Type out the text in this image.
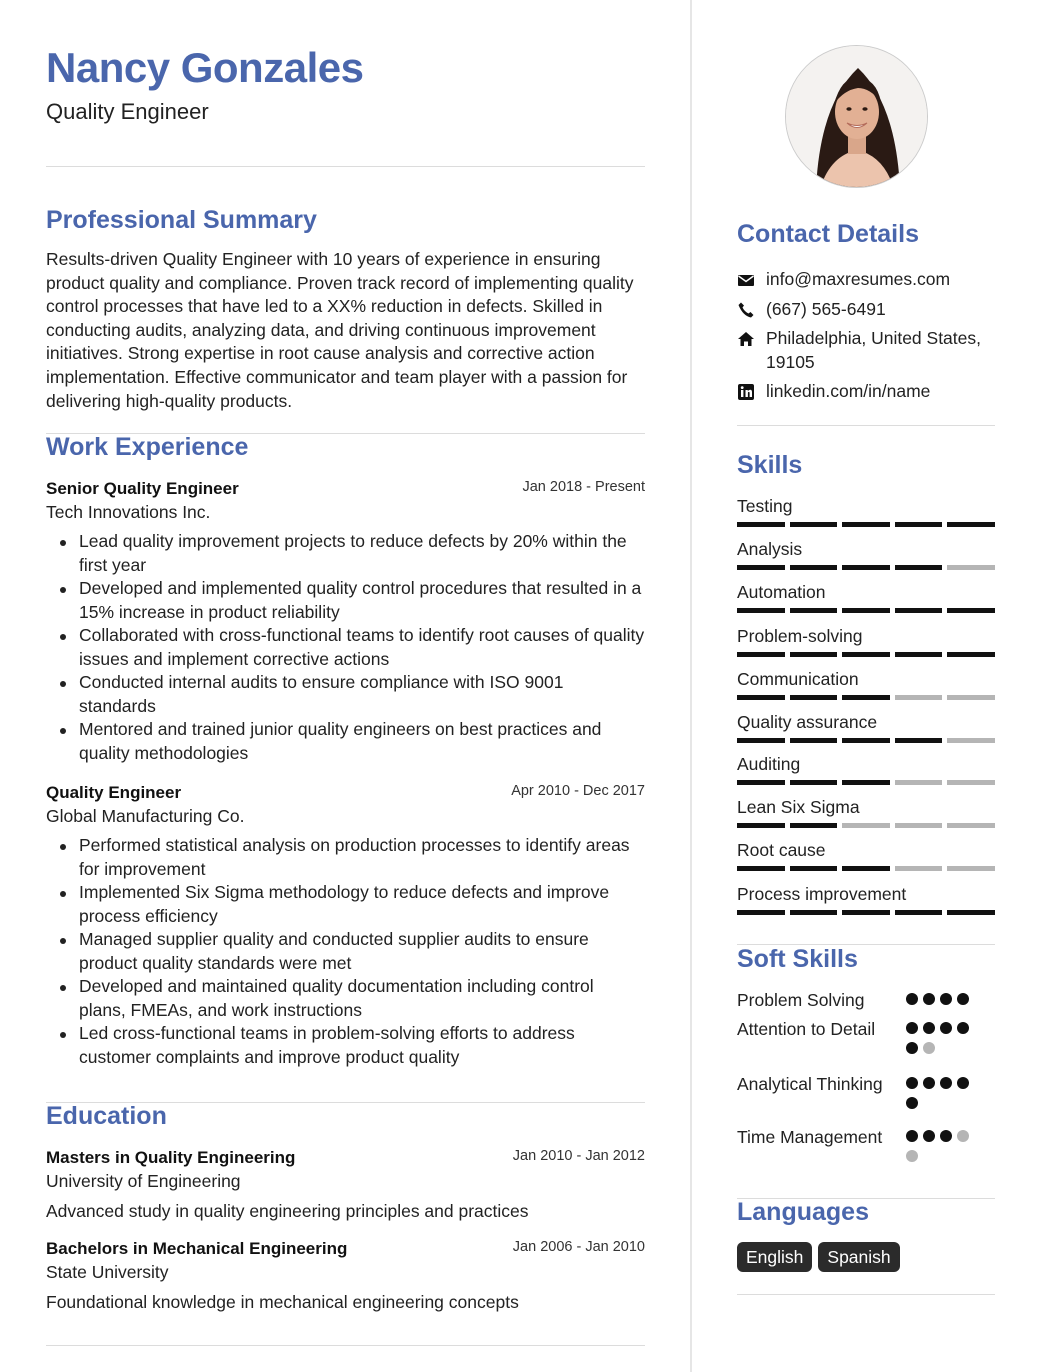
Nancy Gonzales
Quality Engineer
Professional Summary
Results-driven Quality Engineer with 10 years of experience in ensuring product quality and compliance. Proven track record of implementing quality control processes that have led to a XX% reduction in defects. Skilled in conducting audits, analyzing data, and driving continuous improvement initiatives. Strong expertise in root cause analysis and corrective action implementation. Effective communicator and team player with a passion for delivering high-quality products.
Work Experience
Senior Quality Engineer	Jan 2018 - Present
Tech Innovations Inc.
Lead quality improvement projects to reduce defects by 20% within the first year
Developed and implemented quality control procedures that resulted in a 15% increase in product reliability
Collaborated with cross-functional teams to identify root causes of quality issues and implement corrective actions
Conducted internal audits to ensure compliance with ISO 9001 standards
Mentored and trained junior quality engineers on best practices and quality methodologies
Quality Engineer	Apr 2010 - Dec 2017
Global Manufacturing Co.
Performed statistical analysis on production processes to identify areas for improvement
Implemented Six Sigma methodology to reduce defects and improve process efficiency
Managed supplier quality and conducted supplier audits to ensure product quality standards were met
Developed and maintained quality documentation including control plans, FMEAs, and work instructions
Led cross-functional teams in problem-solving efforts to address customer complaints and improve product quality
Education
Masters in Quality Engineering	Jan 2010 - Jan 2012
University of Engineering
Advanced study in quality engineering principles and practices
Bachelors in Mechanical Engineering	Jan 2006 - Jan 2010
State University
Foundational knowledge in mechanical engineering concepts
Contact Details
info@maxresumes.com
(667) 565-6491
Philadelphia, United States, 19105
linkedin.com/in/name
Skills
Testing
Analysis
Automation
Problem-solving
Communication
Quality assurance
Auditing
Lean Six Sigma
Root cause
Process improvement
Soft Skills
Problem Solving
Attention to Detail
Analytical Thinking
Time Management
Languages
English	Spanish
